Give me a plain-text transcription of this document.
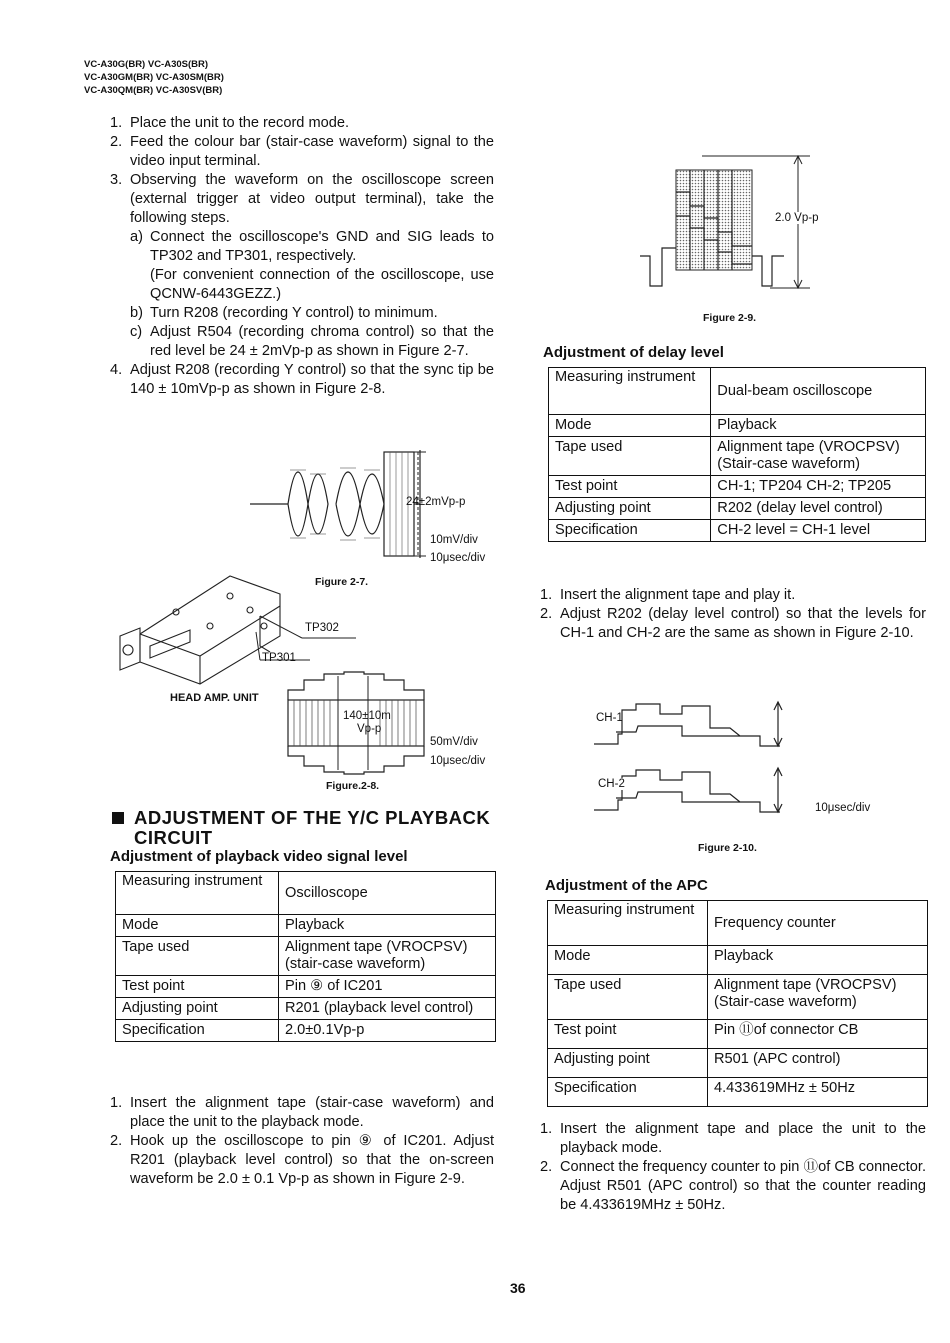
VC-A30G(BR) VC-A30S(BR)
VC-A30GM(BR) VC-A30SM(BR)
VC-A30QM(BR) VC-A30SV(BR)
1. Place the unit to the record mode.
2. Feed the colour bar (stair-case waveform) signal to the video input terminal.
3. Observing the waveform on the oscilloscope screen (external trigger at video output terminal), take the following steps.
a) Connect the oscilloscope's GND and SIG leads to TP302 and TP301, respectively.
(For convenient connection of the oscilloscope, use QCNW-6443GEZZ.)
b) Turn R208 (recording Y control) to minimum.
c) Adjust R504 (recording chroma control) so that the red level be 24 ± 2mVp-p as shown in Figure 2-7.
4. Adjust R208 (recording Y control) so that the sync tip be 140 ± 10mVp-p as shown in Figure 2-8.
24±2mVp-p
10mV/div
10μsec/div
Figure 2-7.
TP302
TP301
HEAD AMP. UNIT
140±10m
Vp-p
50mV/div
10μsec/div
Figure.2-8.
ADJUSTMENT OF THE Y/C PLAYBACK
CIRCUIT
Adjustment of playback video signal level
Measuring instrument	Oscilloscope
Mode	Playback
Tape used	Alignment tape (VROCPSV) (stair-case waveform)
Test point	Pin ⑨ of IC201
Adjusting point	R201 (playback level control)
Specification	2.0±0.1Vp-p
1. Insert the alignment tape (stair-case waveform) and place the unit to the playback mode.
2. Hook up the oscilloscope to pin ⑨ of IC201. Adjust R201 (playback level control) so that the on-screen waveform be 2.0 ± 0.1 Vp-p as shown in Figure 2-9.
2.0 Vp-p
Figure 2-9.
Adjustment of delay level
Measuring instrument	Dual-beam oscilloscope
Mode	Playback
Tape used	Alignment tape (VROCPSV) (Stair-case waveform)
Test point	CH-1; TP204 CH-2; TP205
Adjusting point	R202 (delay level control)
Specification	CH-2 level = CH-1 level
1. Insert the alignment tape and play it.
2. Adjust R202 (delay level control) so that the levels for CH-1 and CH-2 are the same as shown in Figure 2-10.
CH-1
CH-2
10μsec/div
Figure 2-10.
Adjustment of the APC
Measuring instrument	Frequency counter
Mode	Playback
Tape used	Alignment tape (VROCPSV) (Stair-case waveform)
Test point	Pin ⑪of connector CB
Adjusting point	R501 (APC control)
Specification	4.433619MHz ± 50Hz
1. Insert the alignment tape and place the unit to the playback mode.
2. Connect the frequency counter to pin ⑪of CB connector. Adjust R501 (APC control) so that the counter reading be 4.433619MHz ± 50Hz.
36
